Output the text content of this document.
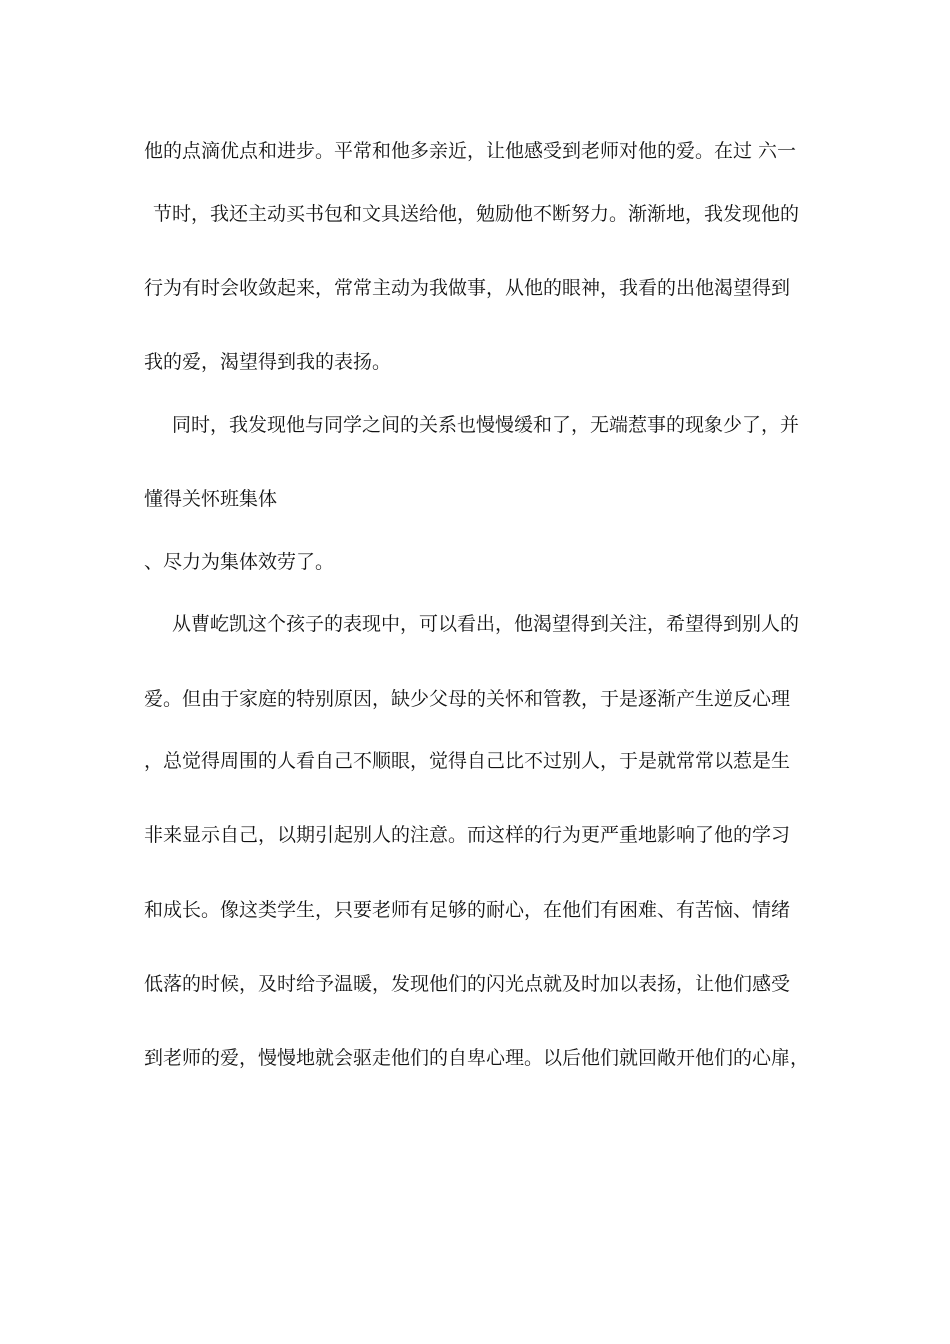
他的点滴优点和进步。平常和他多亲近，让他感受到老师对他的爱。在过 六一
节时，我还主动买书包和文具送给他，勉励他不断努力。渐渐地，我发现他的
行为有时会收敛起来，常常主动为我做事，从他的眼神，我看的出他渴望得到
我的爱，渴望得到我的表扬。
同时，我发现他与同学之间的关系也慢慢缓和了，无端惹事的现象少了，并
懂得关怀班集体
、尽力为集体效劳了。
从曹屹凯这个孩子的表现中，可以看出，他渴望得到关注，希望得到别人的
爱。但由于家庭的特别原因，缺少父母的关怀和管教，于是逐渐产生逆反心理
，总觉得周围的人看自己不顺眼，觉得自己比不过别人，于是就常常以惹是生
非来显示自己，以期引起别人的注意。而这样的行为更严重地影响了他的学习
和成长。像这类学生，只要老师有足够的耐心，在他们有困难、有苦恼、情绪
低落的时候，及时给予温暖，发现他们的闪光点就及时加以表扬，让他们感受
到老师的爱，慢慢地就会驱走他们的自卑心理。以后他们就回敞开他们的心扉，
